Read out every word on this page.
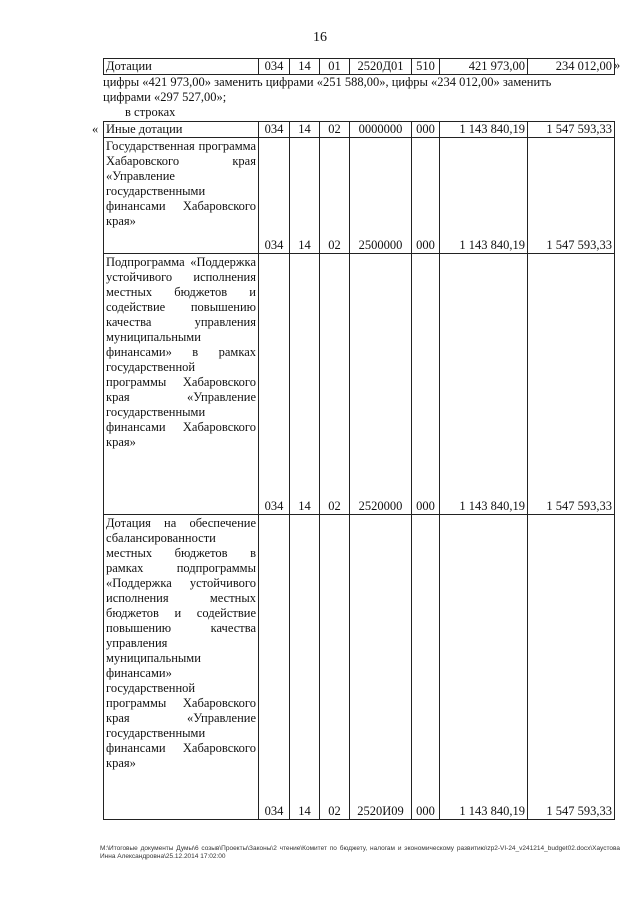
16
Дотации	034	14	01	2520Д01	510	421 973,00	234 012,00 »
цифры «421 973,00» заменить цифрами «251 588,00», цифры «234 012,00» заменить
цифрами «297 527,00»;
в строках
« Иные дотации	034	14	02	0000000	000	1 143 840,19	1 547 593,33
Государственная программа Хабаровского края «Управление государственными финансами Хабаровского края»	034	14	02	2500000	000	1 143 840,19	1 547 593,33
Подпрограмма «Поддержка устойчивого исполнения местных бюджетов и содействие повышению качества управления муниципальными финансами» в рамках государственной программы Хабаровского края «Управление государственными финансами Хабаровского края»	034	14	02	2520000	000	1 143 840,19	1 547 593,33
Дотация на обеспечение сбалансированности местных бюджетов в рамках подпрограммы «Поддержка устойчивого исполнения местных бюджетов и содействие повышению качества управления муниципальными финансами» государственной программы Хабаровского края «Управление государственными финансами Хабаровского края»	034	14	02	2520И09	000	1 143 840,19	1 547 593,33
M:\Итоговые документы Думы\6 созыв\Проекты\Законы\2 чтение\Комитет по бюджету, налогам и экономическому развитию\zp2-VI-24_v241214_budget02.docx\Хаустова Инна Александровна\25.12.2014 17:02:00
